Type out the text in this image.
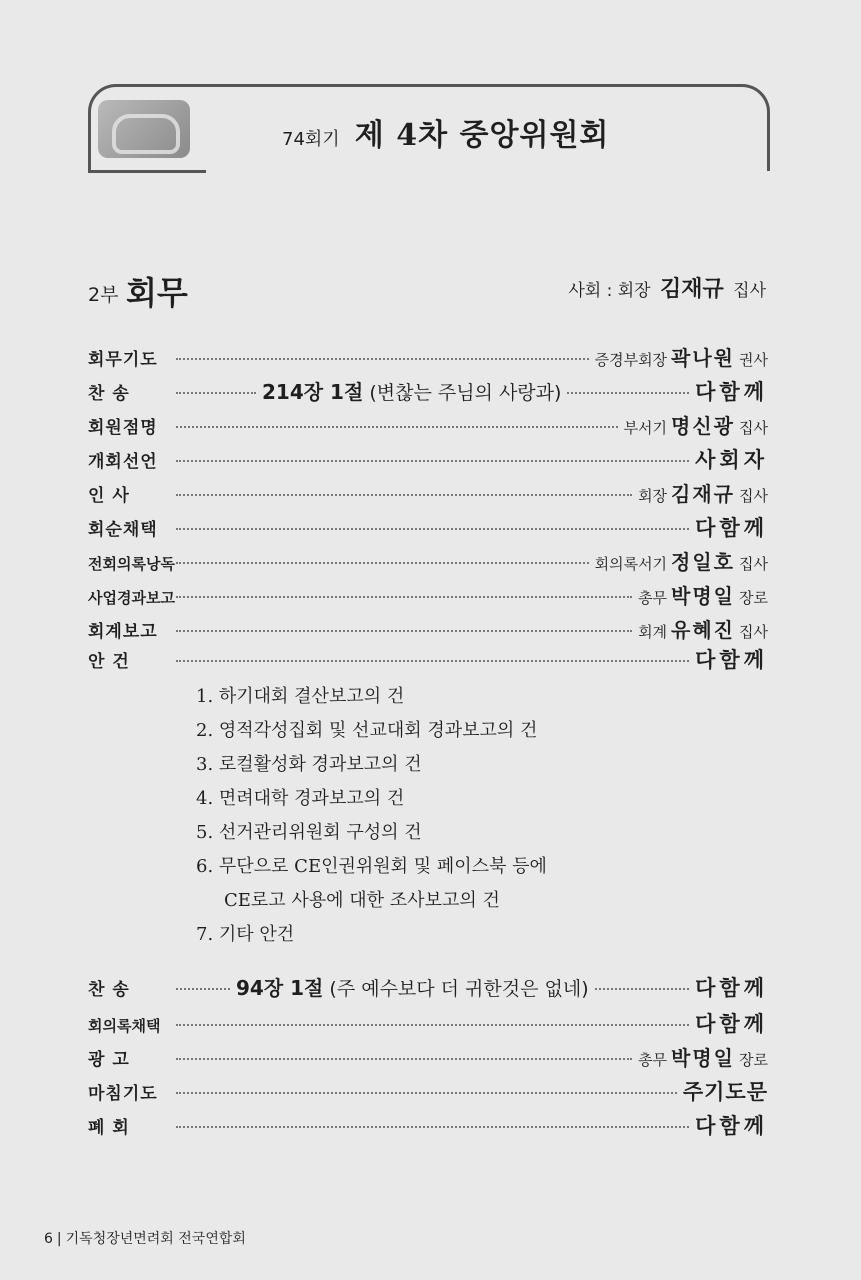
74회기 제 4차 중앙위원회
2부 회무	사회 : 회장 김재규 집사
회무기도	증경부회장 곽나원 권사
찬 송	214장 1절 (변찮는 주님의 사랑과)	다함께
회원점명	부서기 명신광 집사
개회선언	사회자
인 사	회장 김재규 집사
회순채택	다함께
전회의록낭독	회의록서기 정일호 집사
사업경과보고	총무 박명일 장로
회계보고	회계 유혜진 집사
안 건	다함께
1. 하기대회 결산보고의 건
2. 영적각성집회 및 선교대회 경과보고의 건
3. 로컬활성화 경과보고의 건
4. 면려대학 경과보고의 건
5. 선거관리위원회 구성의 건
6. 무단으로 CE인권위원회 및 페이스북 등에
CE로고 사용에 대한 조사보고의 건
7. 기타 안건
찬 송	94장 1절 (주 예수보다 더 귀한것은 없네)	다함께
회의록채택	다함께
광 고	총무 박명일 장로
마침기도	주기도문
폐 회	다함께
6 | 기독청장년면려회 전국연합회
